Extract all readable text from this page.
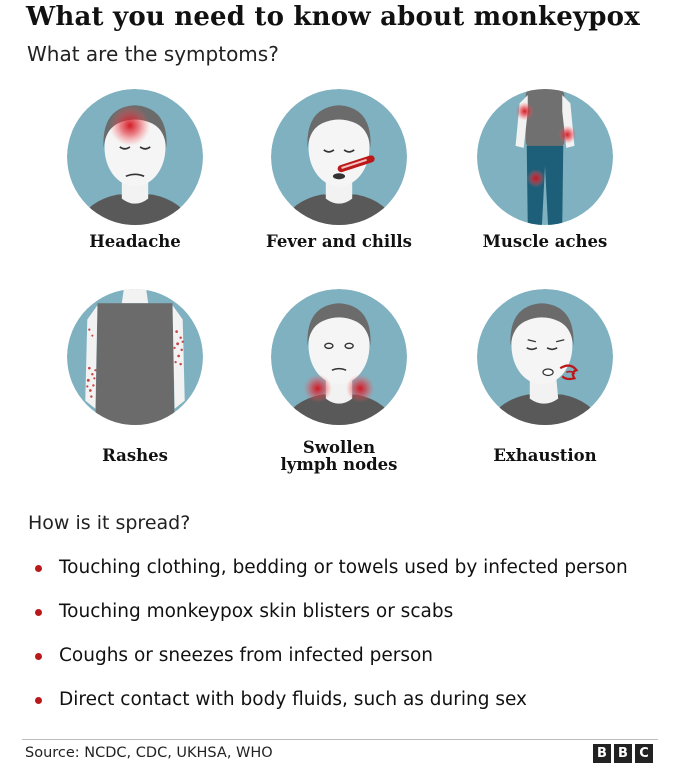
What you need to know about monkeypox
What are the symptoms?
Headache	Fever and chills	Muscle aches
Rashes	Swollen
lymph nodes	Exhaustion
How is it spread?
Touching clothing, bedding or towels used by infected person
Touching monkeypox skin blisters or scabs
Coughs or sneezes from infected person
Direct contact with body fluids, such as during sex
Source: NCDC, CDC, UKHSA, WHO	B B C
